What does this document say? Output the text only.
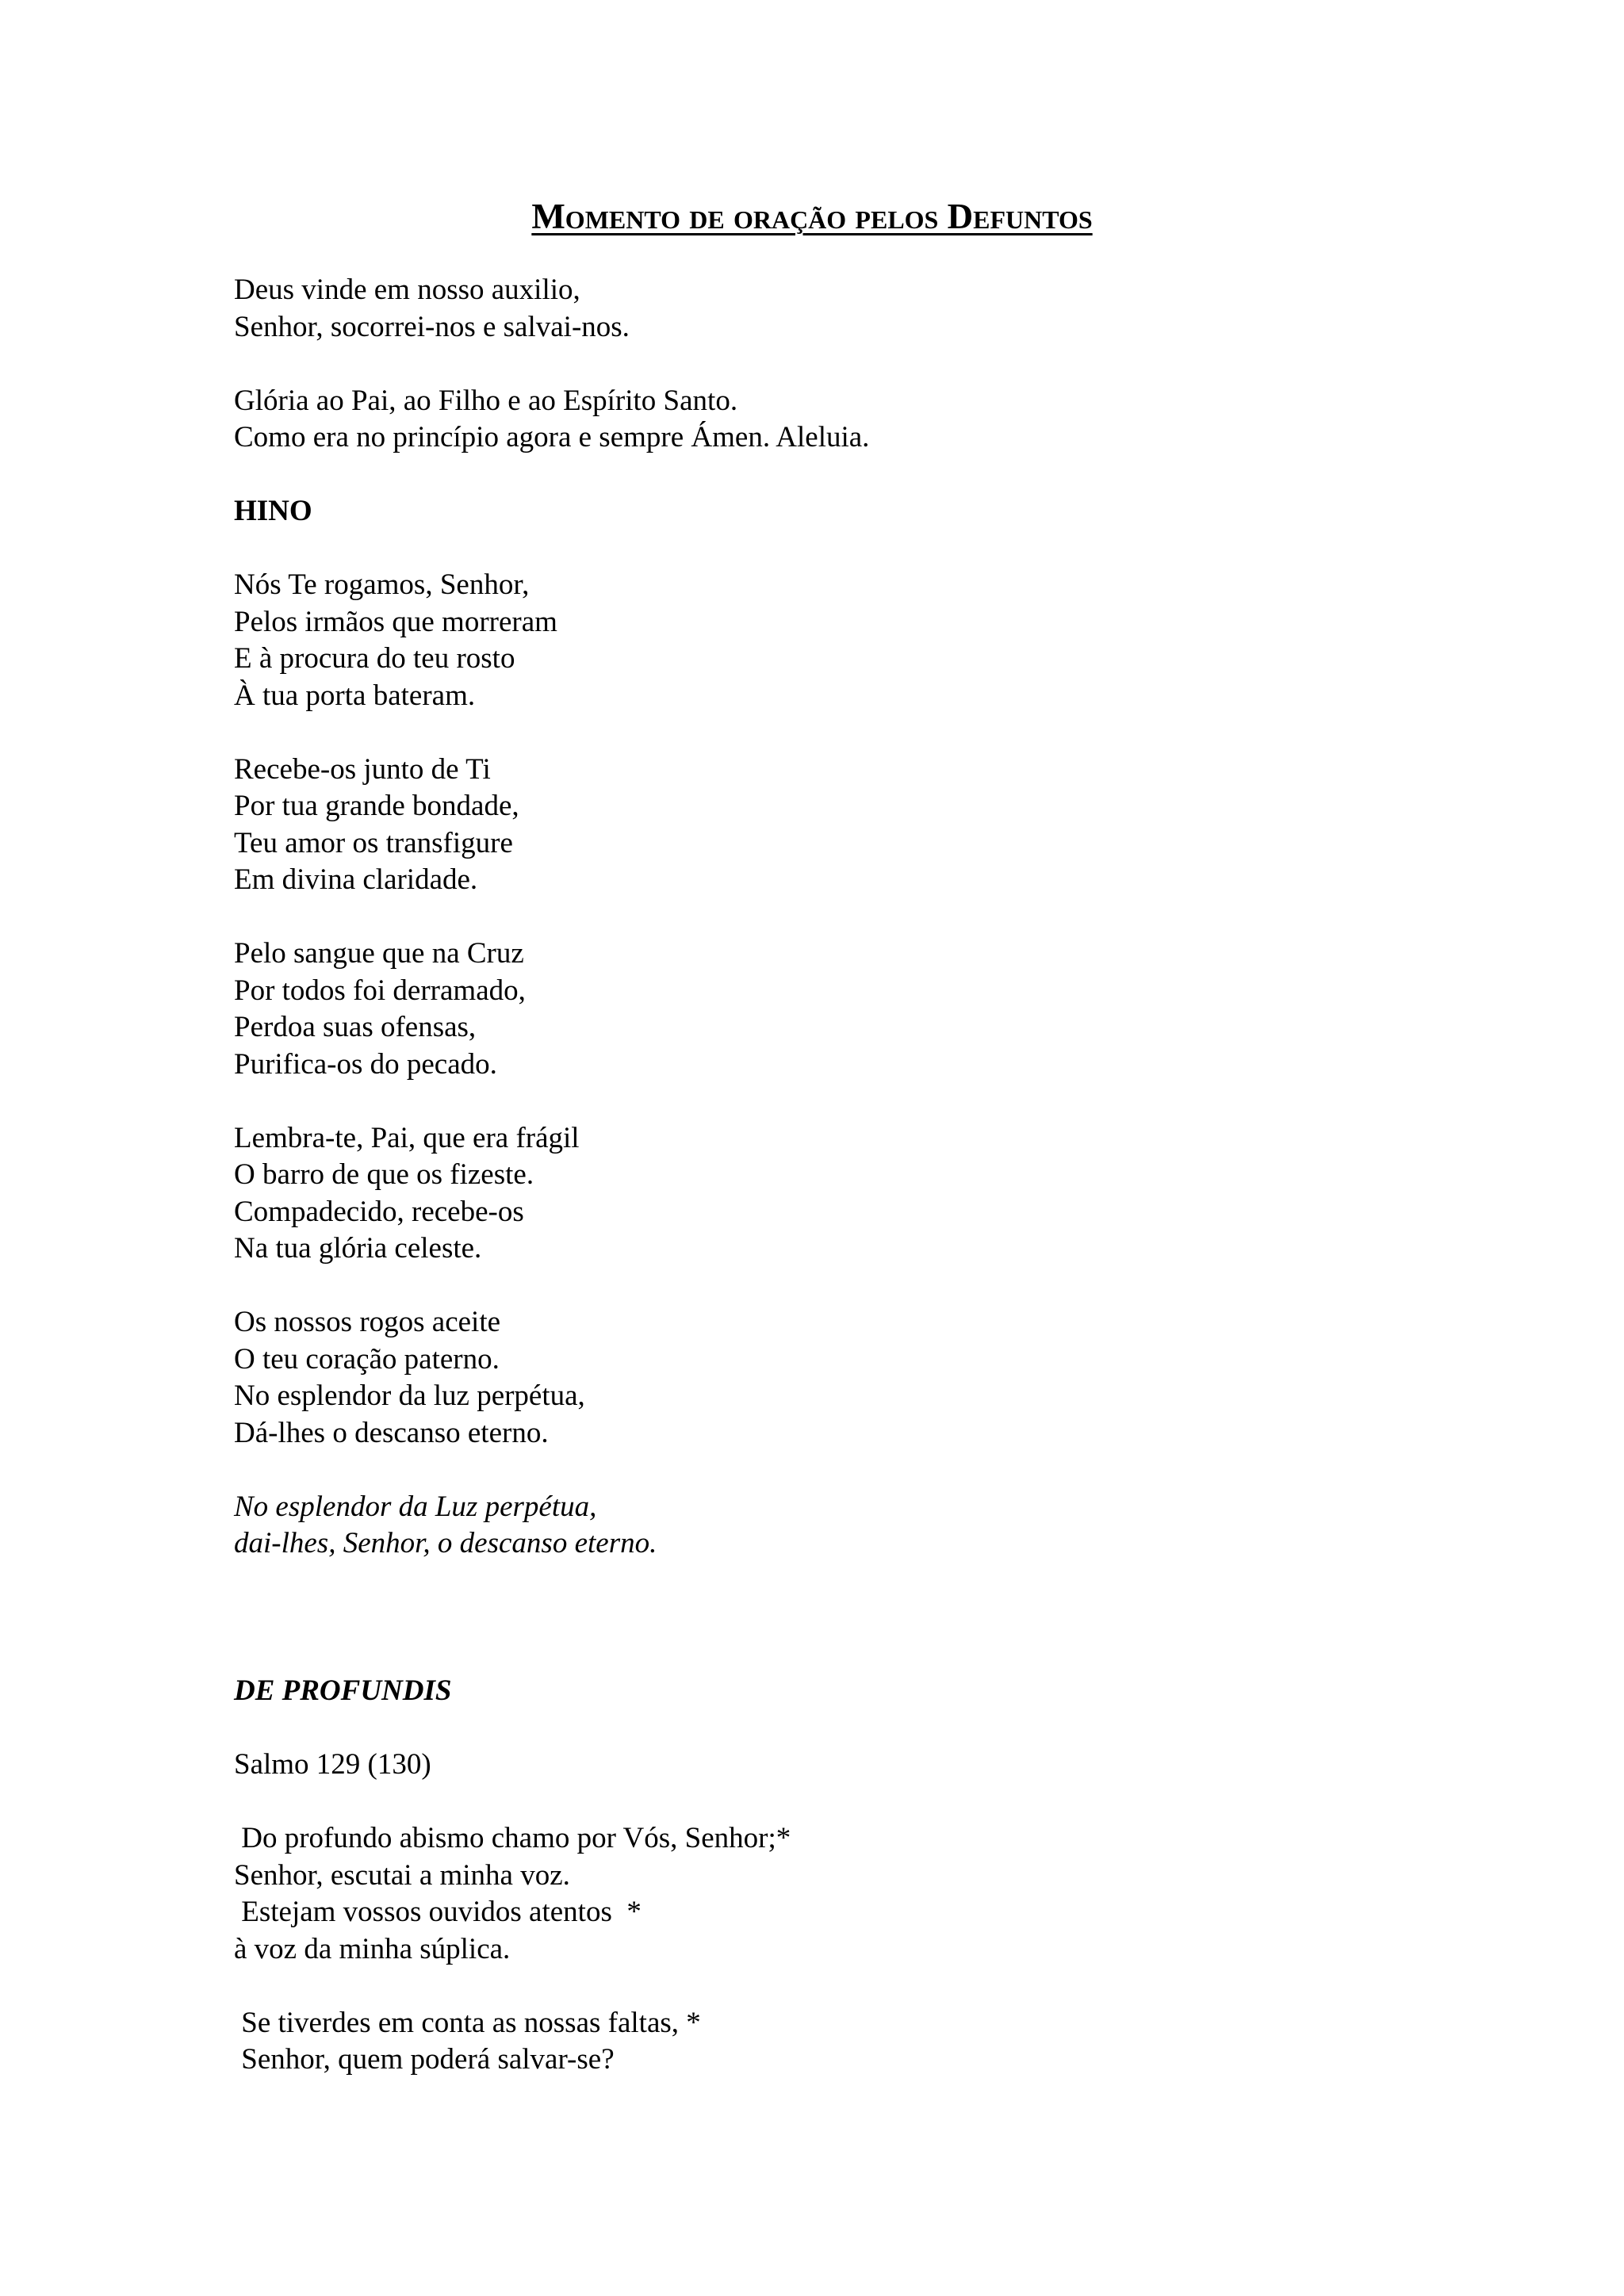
Momento de oração pelos Defuntos
Deus vinde em nosso auxilio,
Senhor, socorrei-nos e salvai-nos.
Glória ao Pai, ao Filho e ao Espírito Santo.
Como era no princípio agora e sempre Ámen. Aleluia.
HINO
Nós Te rogamos, Senhor,
Pelos irmãos que morreram
E à procura do teu rosto
À tua porta bateram.
Recebe-os junto de Ti
Por tua grande bondade,
Teu amor os transfigure
Em divina claridade.
Pelo sangue que na Cruz
Por todos foi derramado,
Perdoa suas ofensas,
Purifica-os do pecado.
Lembra-te, Pai, que era frágil
O barro de que os fizeste.
Compadecido, recebe-os
Na tua glória celeste.
Os nossos rogos aceite
O teu coração paterno.
No esplendor da luz perpétua,
Dá-lhes o descanso eterno.
No esplendor da Luz perpétua,
dai-lhes, Senhor, o descanso eterno.
DE PROFUNDIS
Salmo 129 (130)
Do profundo abismo chamo por Vós, Senhor;*
Senhor, escutai a minha voz.
Estejam vossos ouvidos atentos  *
à voz da minha súplica.
Se tiverdes em conta as nossas faltas, *
Senhor, quem poderá salvar-se?
